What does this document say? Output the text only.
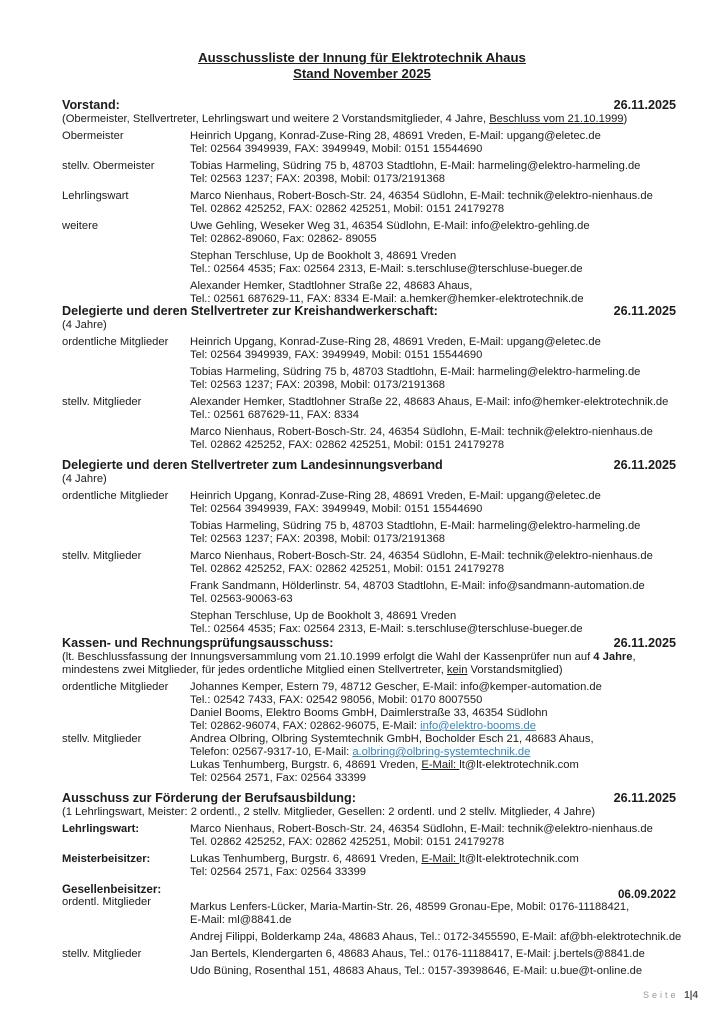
Ausschussliste der Innung für Elektrotechnik Ahaus
Stand November 2025
Vorstand:	26.11.2025
(Obermeister, Stellvertreter, Lehrlingswart und weitere 2 Vorstandsmitglieder, 4 Jahre, Beschluss vom 21.10.1999)
Obermeister	Heinrich Upgang, Konrad-Zuse-Ring 28, 48691 Vreden, E-Mail: upgang@eletec.de
Tel: 02564 3949939, FAX: 3949949, Mobil: 0151 15544690
stellv. Obermeister	Tobias Harmeling, Südring 75 b, 48703 Stadtlohn, E-Mail: harmeling@elektro-harmeling.de
Tel: 02563 1237; FAX: 20398, Mobil: 0173/2191368
Lehrlingswart	Marco Nienhaus, Robert-Bosch-Str. 24, 46354 Südlohn, E-Mail: technik@elektro-nienhaus.de
Tel. 02862 425252, FAX: 02862 425251, Mobil: 0151 24179278
weitere	Uwe Gehling, Weseker Weg 31, 46354 Südlohn, E-Mail: info@elektro-gehling.de
Tel: 02862-89060, Fax: 02862- 89055
Stephan Terschluse, Up de Bookholt 3, 48691 Vreden
Tel.: 02564 4535; Fax: 02564 2313, E-Mail: s.terschluse@terschluse-bueger.de
Alexander Hemker, Stadtlohner Straße 22, 48683 Ahaus,
Tel.: 02561 687629-11, FAX: 8334 E-Mail: a.hemker@hemker-elektrotechnik.de
Delegierte und deren Stellvertreter zur Kreishandwerkerschaft:	26.11.2025
(4 Jahre)
ordentliche Mitglieder	Heinrich Upgang, Konrad-Zuse-Ring 28, 48691 Vreden, E-Mail: upgang@eletec.de
Tel: 02564 3949939, FAX: 3949949, Mobil: 0151 15544690
Tobias Harmeling, Südring 75 b, 48703 Stadtlohn, E-Mail: harmeling@elektro-harmeling.de
Tel: 02563 1237; FAX: 20398, Mobil: 0173/2191368
stellv. Mitglieder	Alexander Hemker, Stadtlohner Straße 22, 48683 Ahaus, E-Mail: info@hemker-elektrotechnik.de
Tel.: 02561 687629-11, FAX: 8334
Marco Nienhaus, Robert-Bosch-Str. 24, 46354 Südlohn, E-Mail: technik@elektro-nienhaus.de
Tel. 02862 425252, FAX: 02862 425251, Mobil: 0151 24179278
Delegierte und deren Stellvertreter zum Landesinnungsverband	26.11.2025
(4 Jahre)
ordentliche Mitglieder	Heinrich Upgang, Konrad-Zuse-Ring 28, 48691 Vreden, E-Mail: upgang@eletec.de
Tel: 02564 3949939, FAX: 3949949, Mobil: 0151 15544690
Tobias Harmeling, Südring 75 b, 48703 Stadtlohn, E-Mail: harmeling@elektro-harmeling.de
Tel: 02563 1237; FAX: 20398, Mobil: 0173/2191368
stellv. Mitglieder	Marco Nienhaus, Robert-Bosch-Str. 24, 46354 Südlohn, E-Mail: technik@elektro-nienhaus.de
Tel. 02862 425252, FAX: 02862 425251, Mobil: 0151 24179278
Frank Sandmann, Hölderlinstr. 54, 48703 Stadtlohn, E-Mail: info@sandmann-automation.de
Tel. 02563-90063-63
Stephan Terschluse, Up de Bookholt 3, 48691 Vreden
Tel.: 02564 4535; Fax: 02564 2313, E-Mail: s.terschluse@terschluse-bueger.de
Kassen- und Rechnungsprüfungsausschuss:	26.11.2025
(lt. Beschlussfassung der Innungsversammlung vom 21.10.1999 erfolgt die Wahl der Kassenprüfer nun auf 4 Jahre,
mindestens zwei Mitglieder, für jedes ordentliche Mitglied einen Stellvertreter, kein Vorstandsmitglied)
ordentliche Mitglieder	Johannes Kemper, Estern 79, 48712 Gescher, E-Mail: info@kemper-automation.de
Tel.: 02542 7433, FAX: 02542 98056, Mobil: 0170 8007550
Daniel Booms, Elektro Booms GmbH, Daimlerstraße 33, 46354 Südlohn
Tel: 02862-96074, FAX: 02862-96075, E-Mail: info@elektro-booms.de
stellv. Mitglieder	Andrea Olbring, Olbring Systemtechnik GmbH, Bocholder Esch 21, 48683 Ahaus,
Telefon: 02567-9317-10, E-Mail: a.olbring@olbring-systemtechnik.de
Lukas Tenhumberg, Burgstr. 6, 48691 Vreden, E-Mail: lt@lt-elektrotechnik.com
Tel: 02564 2571, Fax: 02564 33399
Ausschuss zur Förderung der Berufsausbildung:	26.11.2025
(1 Lehrlingswart, Meister: 2 ordentl., 2 stellv. Mitglieder, Gesellen: 2 ordentl. und 2 stellv. Mitglieder, 4 Jahre)
Lehrlingswart:	Marco Nienhaus, Robert-Bosch-Str. 24, 46354 Südlohn, E-Mail: technik@elektro-nienhaus.de
Tel. 02862 425252, FAX: 02862 425251, Mobil: 0151 24179278
Meisterbeisitzer:	Lukas Tenhumberg, Burgstr. 6, 48691 Vreden, E-Mail: lt@lt-elektrotechnik.com
Tel: 02564 2571, Fax: 02564 33399
Gesellenbeisitzer:	06.09.2022
ordentl. Mitglieder	Markus Lenfers-Lücker, Maria-Martin-Str. 26, 48599 Gronau-Epe, Mobil: 0176-11188421,
E-Mail: ml@8841.de
Andrej Filippi, Bolderkamp 24a, 48683 Ahaus, Tel.: 0172-3455590, E-Mail: af@bh-elektrotechnik.de
stellv. Mitglieder	Jan Bertels, Klendergarten 6, 48683 Ahaus, Tel.: 0176-11188417, E-Mail: j.bertels@8841.de
Udo Büning, Rosenthal 151, 48683 Ahaus, Tel.: 0157-39398646, E-Mail: u.bue@t-online.de
Seite 1|4
